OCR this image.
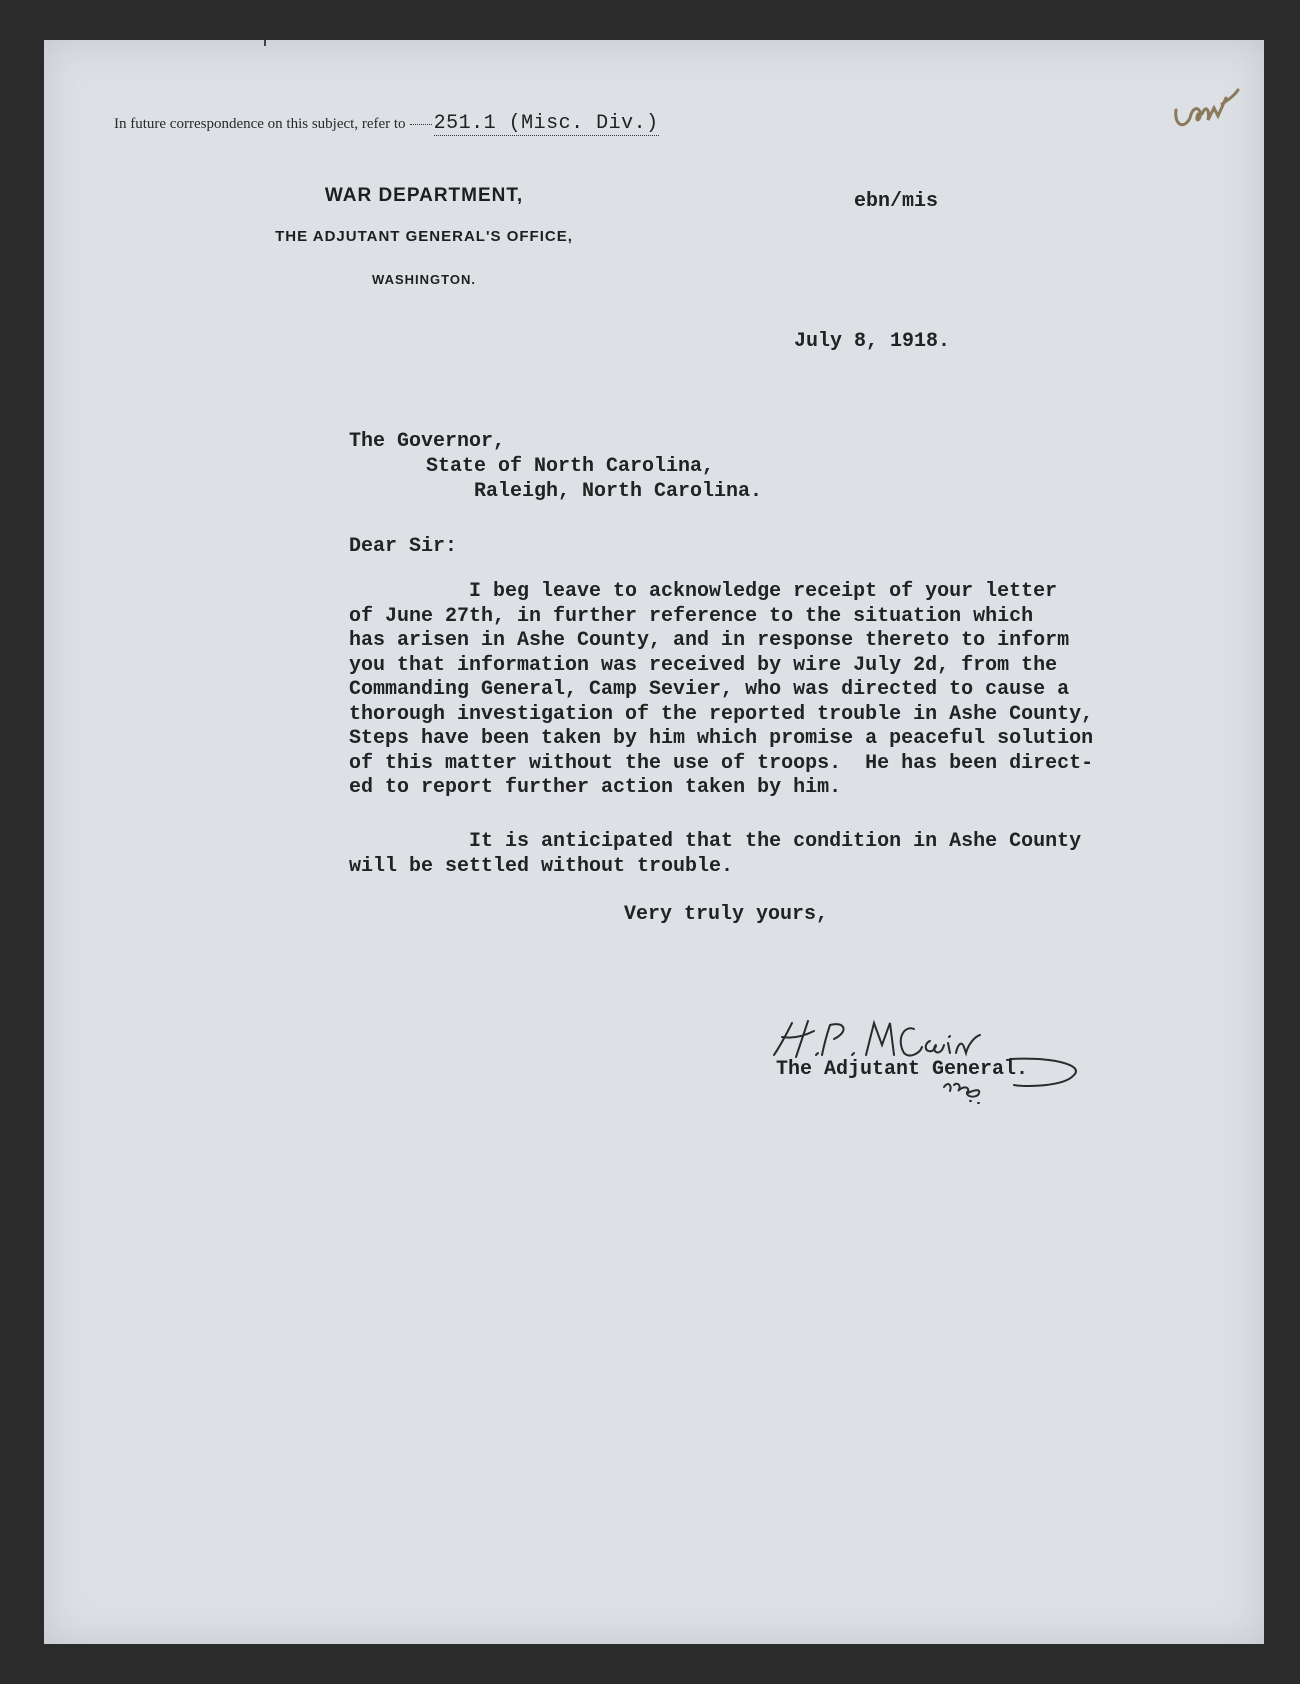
In future correspondence on this subject, refer to 251.1 (Misc. Div.)
WAR DEPARTMENT,
THE ADJUTANT GENERAL'S OFFICE,
WASHINGTON.
ebn/mis
July 8, 1918.
The Governor,
State of North Carolina,
Raleigh, North Carolina.
Dear Sir:
I beg leave to acknowledge receipt of your letter
of June 27th, in further reference to the situation which
has arisen in Ashe County, and in response thereto to inform
you that information was received by wire July 2d, from the
Commanding General, Camp Sevier, who was directed to cause a
thorough investigation of the reported trouble in Ashe County,
Steps have been taken by him which promise a peaceful solution
of this matter without the use of troops.  He has been direct-
ed to report further action taken by him.
It is anticipated that the condition in Ashe County
will be settled without trouble.
Very truly yours,
The Adjutant General.
